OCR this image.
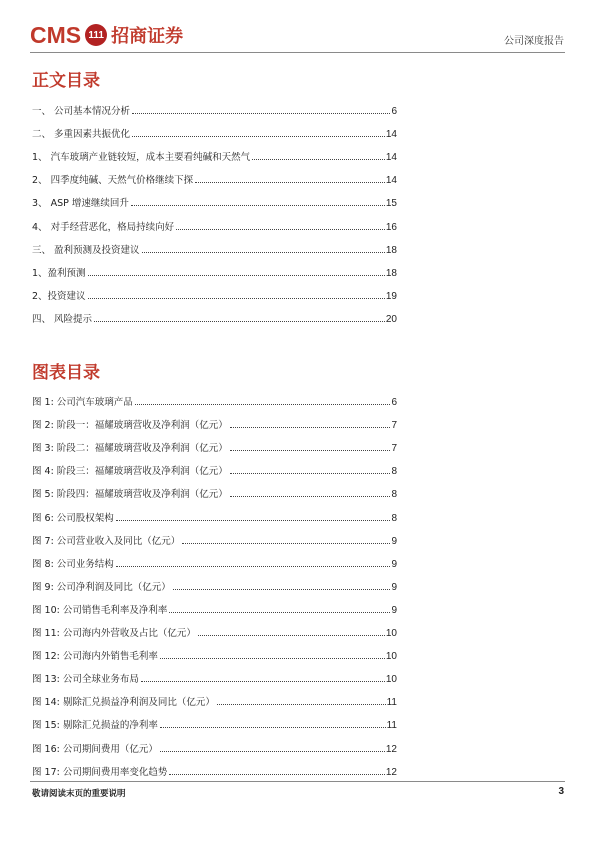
CMS 111 招商证券	公司深度报告
正文目录
一、 公司基本情况分析	6
二、 多重因素共振优化	14
1、 汽车玻璃产业链较短，成本主要看纯碱和天然气	14
2、 四季度纯碱、天然气价格继续下探	14
3、 ASP 增速继续回升	15
4、 对手经营恶化，格局持续向好	16
三、 盈利预测及投资建议	18
1、盈利预测	18
2、投资建议	19
四、 风险提示	20
图表目录
图 1: 公司汽车玻璃产品	6
图 2: 阶段一：福耀玻璃营收及净利润（亿元）	7
图 3: 阶段二：福耀玻璃营收及净利润（亿元）	7
图 4: 阶段三：福耀玻璃营收及净利润（亿元）	8
图 5: 阶段四：福耀玻璃营收及净利润（亿元）	8
图 6: 公司股权架构	8
图 7: 公司营业收入及同比（亿元）	9
图 8: 公司业务结构	9
图 9: 公司净利润及同比（亿元）	9
图 10: 公司销售毛利率及净利率	9
图 11: 公司海内外营收及占比（亿元）	10
图 12: 公司海内外销售毛利率	10
图 13: 公司全球业务布局	10
图 14: 剔除汇兑损益净利润及同比（亿元）	11
图 15: 剔除汇兑损益的净利率	11
图 16: 公司期间费用（亿元）	12
图 17: 公司期间费用率变化趋势	12
敬请阅读末页的重要说明	3
